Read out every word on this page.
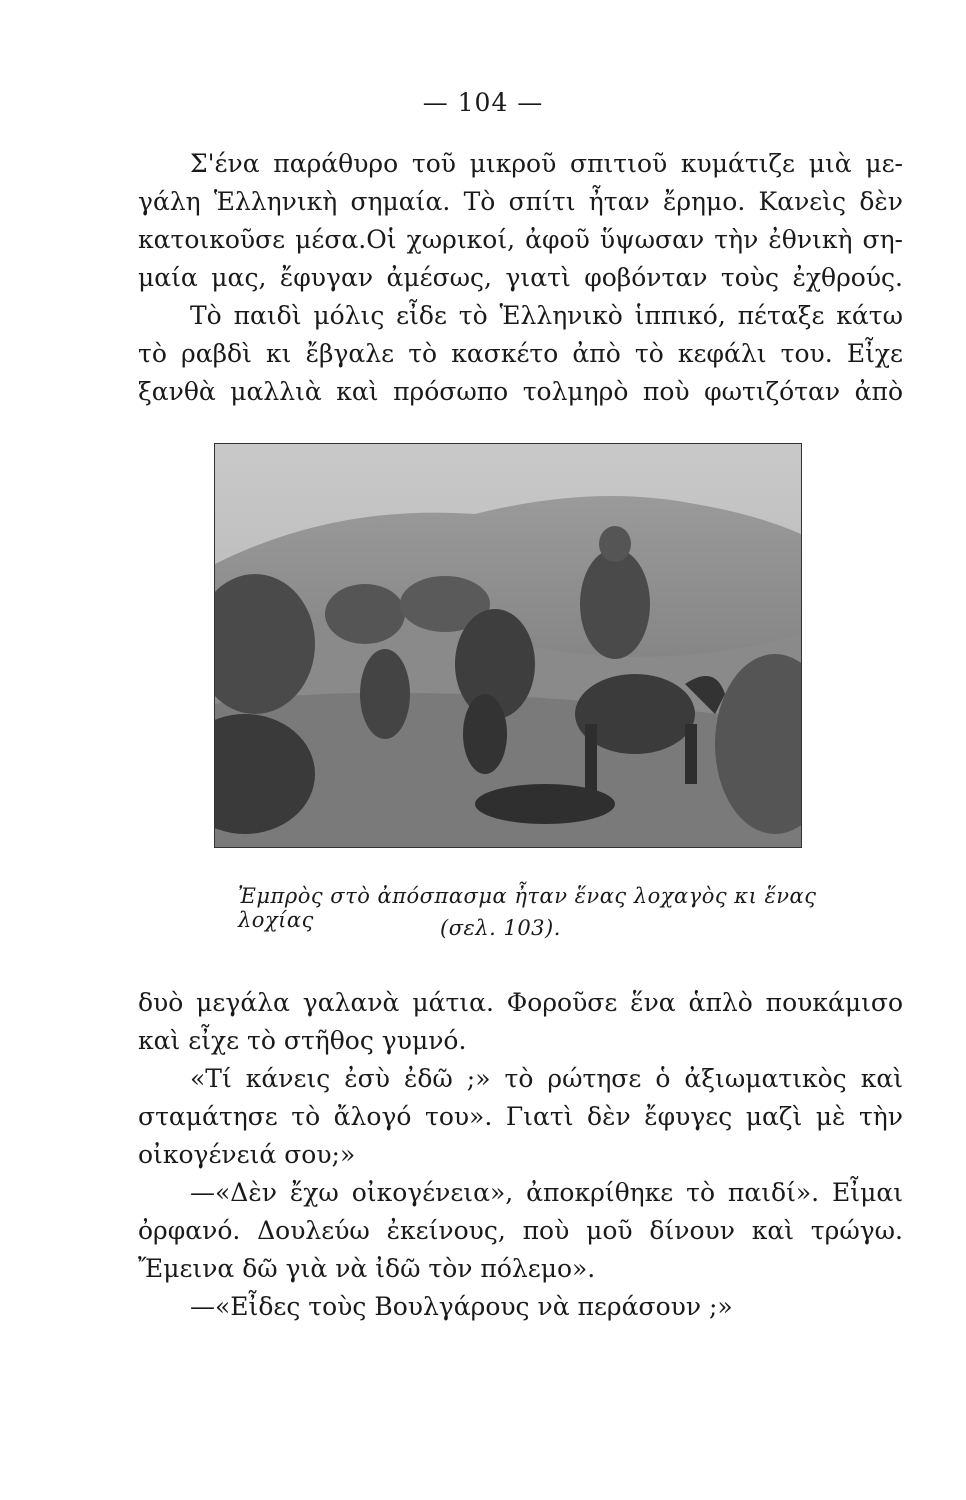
— 104 —

Σ'ένα παράθυρο τοῦ μικροῦ σπιτιοῦ κυμάτιζε μιὰ με-
γάλη Ἑλληνικὴ σημαία. Τὸ σπίτι ἦταν ἔρημο. Κανεὶς δὲν
κατοικοῦσε μέσα.Οἱ χωρικοί, ἀφοῦ ὕψωσαν τὴν ἐθνικὴ ση-
μαία μας, ἔφυγαν ἀμέσως, γιατὶ φοβόνταν τοὺς ἐχθρούς.
Τὸ παιδὶ μόλις εἶδε τὸ Ἑλληνικὸ ἱππικό, πέταξε κάτω
τὸ ραβδὶ κι ἔβγαλε τὸ κασκέτο ἀπὸ τὸ κεφάλι του. Εἶχε
ξανθὰ μαλλιὰ καὶ πρόσωπο τολμηρὸ ποὺ φωτιζόταν ἀπὸ

Ἐμπρὸς στὸ ἀπόσπασμα ἦταν ἕνας λοχαγὸς κι ἕνας λοχίας	(σελ. 103).

δυὸ μεγάλα γαλανὰ μάτια. Φοροῦσε ἕνα ἁπλὸ πουκάμισο
καὶ εἶχε τὸ στῆθος γυμνό.
«Τί κάνεις ἐσὺ ἐδῶ ;» τὸ ρώτησε ὁ ἀξιωματικὸς καὶ
σταμάτησε τὸ ἄλογό του». Γιατὶ δὲν ἔφυγες μαζὶ μὲ τὴν
οἰκογένειά σου;»
—«Δὲν ἔχω οἰκογένεια», ἀποκρίθηκε τὸ παιδί». Εἶμαι
ὀρφανό. Δουλεύω ἐκείνους, ποὺ μοῦ δίνουν καὶ τρώγω.
Ἔμεινα δῶ γιὰ νὰ ἰδῶ τὸν πόλεμο».
—«Εἶδες τοὺς Βουλγάρους νὰ περάσουν ;»
